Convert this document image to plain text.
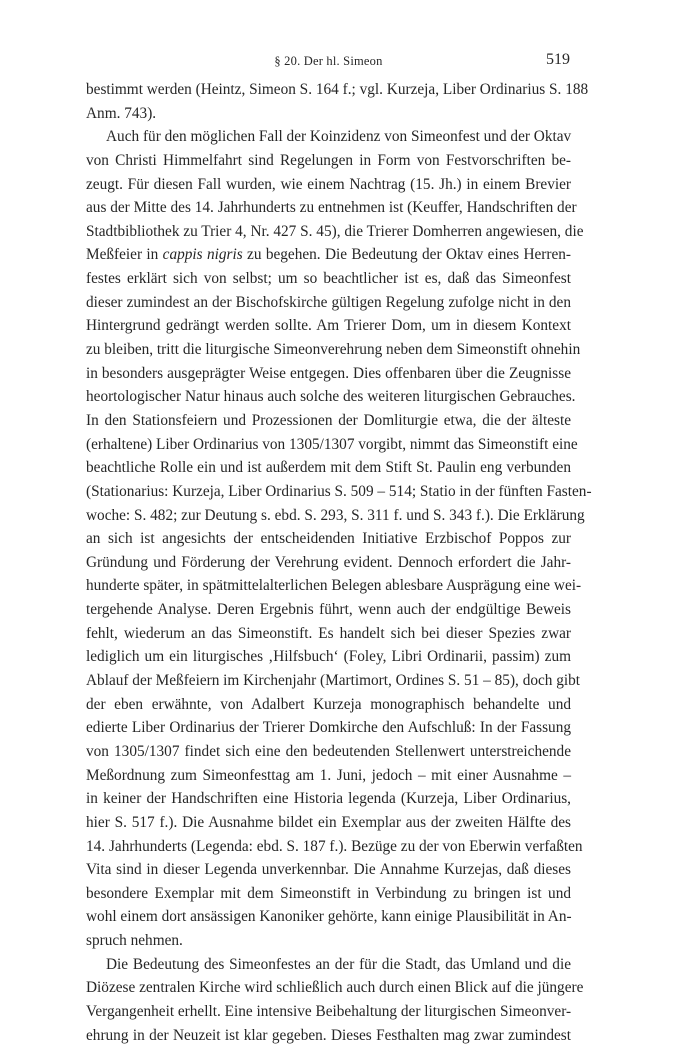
§ 20. Der hl. Simeon	519
bestimmt werden (Heintz, Simeon S. 164 f.; vgl. Kurzeja, Liber Ordinarius S. 188
Anm. 743).
Auch für den möglichen Fall der Koinzidenz von Simeonfest und der Oktav
von Christi Himmelfahrt sind Regelungen in Form von Festvorschriften be-
zeugt. Für diesen Fall wurden, wie einem Nachtrag (15. Jh.) in einem Brevier
aus der Mitte des 14. Jahrhunderts zu entnehmen ist (Keuffer, Handschriften der
Stadtbibliothek zu Trier 4, Nr. 427 S. 45), die Trierer Domherren angewiesen, die
Meßfeier in cappis nigris zu begehen. Die Bedeutung der Oktav eines Herren-
festes erklärt sich von selbst; um so beachtlicher ist es, daß das Simeonfest
dieser zumindest an der Bischofskirche gültigen Regelung zufolge nicht in den
Hintergrund gedrängt werden sollte. Am Trierer Dom, um in diesem Kontext
zu bleiben, tritt die liturgische Simeonverehrung neben dem Simeonstift ohnehin
in besonders ausgeprägter Weise entgegen. Dies offenbaren über die Zeugnisse
heortologischer Natur hinaus auch solche des weiteren liturgischen Gebrauches.
In den Stationsfeiern und Prozessionen der Domliturgie etwa, die der älteste
(erhaltene) Liber Ordinarius von 1305/1307 vorgibt, nimmt das Simeonstift eine
beachtliche Rolle ein und ist außerdem mit dem Stift St. Paulin eng verbunden
(Stationarius: Kurzeja, Liber Ordinarius S. 509 – 514; Statio in der fünften Fasten-
woche: S. 482; zur Deutung s. ebd. S. 293, S. 311 f. und S. 343 f.). Die Erklärung
an sich ist angesichts der entscheidenden Initiative Erzbischof Poppos zur
Gründung und Förderung der Verehrung evident. Dennoch erfordert die Jahr-
hunderte später, in spätmittelalterlichen Belegen ablesbare Ausprägung eine wei-
tergehende Analyse. Deren Ergebnis führt, wenn auch der endgültige Beweis
fehlt, wiederum an das Simeonstift. Es handelt sich bei dieser Spezies zwar
lediglich um ein liturgisches ‚Hilfsbuch‘ (Foley, Libri Ordinarii, passim) zum
Ablauf der Meßfeiern im Kirchenjahr (Martimort, Ordines S. 51 – 85), doch gibt
der eben erwähnte, von Adalbert Kurzeja monographisch behandelte und
edierte Liber Ordinarius der Trierer Domkirche den Aufschluß: In der Fassung
von 1305/1307 findet sich eine den bedeutenden Stellenwert unterstreichende
Meßordnung zum Simeonfesttag am 1. Juni, jedoch – mit einer Ausnahme –
in keiner der Handschriften eine Historia legenda (Kurzeja, Liber Ordinarius,
hier S. 517 f.). Die Ausnahme bildet ein Exemplar aus der zweiten Hälfte des
14. Jahrhunderts (Legenda: ebd. S. 187 f.). Bezüge zu der von Eberwin verfaßten
Vita sind in dieser Legenda unverkennbar. Die Annahme Kurzejas, daß dieses
besondere Exemplar mit dem Simeonstift in Verbindung zu bringen ist und
wohl einem dort ansässigen Kanoniker gehörte, kann einige Plausibilität in An-
spruch nehmen.
Die Bedeutung des Simeonfestes an der für die Stadt, das Umland und die
Diözese zentralen Kirche wird schließlich auch durch einen Blick auf die jüngere
Vergangenheit erhellt. Eine intensive Beibehaltung der liturgischen Simeonver-
ehrung in der Neuzeit ist klar gegeben. Dieses Festhalten mag zwar zumindest
